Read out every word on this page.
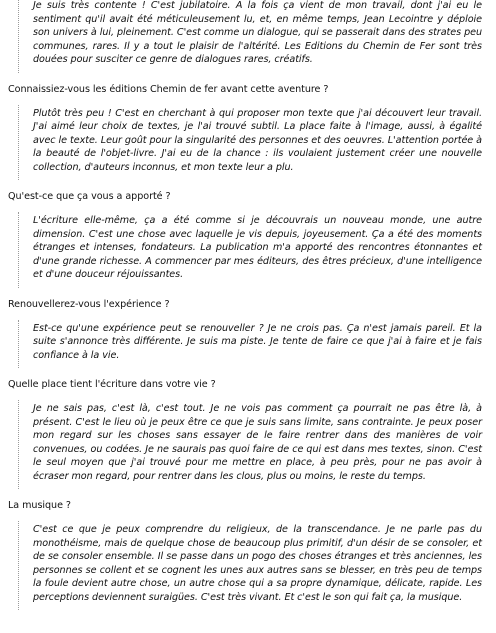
Je suis très contente ! C'est jubilatoire. A la fois ça vient de mon travail, dont j'ai eu le sentiment qu'il avait été méticuleusement lu, et, en même temps, Jean Lecointre y déploie son univers à lui, pleinement. C'est comme un dialogue, qui se passerait dans des strates peu communes, rares. Il y a tout le plaisir de l'altérité. Les Editions du Chemin de Fer sont très douées pour susciter ce genre de dialogues rares, créatifs.

Connaissiez-vous les éditions Chemin de fer avant cette aventure ?

Plutôt très peu ! C'est en cherchant à qui proposer mon texte que j'ai découvert leur travail. J'ai aimé leur choix de textes, je l'ai trouvé subtil. La place faite à l'image, aussi, à égalité avec le texte. Leur goût pour la singularité des personnes et des oeuvres. L'attention portée à la beauté de l'objet-livre. J'ai eu de la chance : ils voulaient justement créer une nouvelle collection, d'auteurs inconnus, et mon texte leur a plu.

Qu'est-ce que ça vous a apporté ?

L'écriture elle-même, ça a été comme si je découvrais un nouveau monde, une autre dimension. C'est une chose avec laquelle je vis depuis, joyeusement. Ça a été des moments étranges et intenses, fondateurs. La publication m'a apporté des rencontres étonnantes et d'une grande richesse. A commencer par mes éditeurs, des êtres précieux, d'une intelligence et d'une douceur réjouissantes.

Renouvellerez-vous l'expérience ?

Est-ce qu'une expérience peut se renouveller ? Je ne crois pas. Ça n'est jamais pareil. Et la suite s'annonce très différente. Je suis ma piste. Je tente de faire ce que j'ai à faire et je fais confiance à la vie.

Quelle place tient l'écriture dans votre vie ?

Je ne sais pas, c'est là, c'est tout. Je ne vois pas comment ça pourrait ne pas être là, à présent. C'est le lieu où je peux être ce que je suis sans limite, sans contrainte. Je peux poser mon regard sur les choses sans essayer de le faire rentrer dans des manières de voir convenues, ou codées. Je ne saurais pas quoi faire de ce qui est dans mes textes, sinon. C'est le seul moyen que j'ai trouvé pour me mettre en place, à peu près, pour ne pas avoir à écraser mon regard, pour rentrer dans les clous, plus ou moins, le reste du temps.

La musique ?

C'est ce que je peux comprendre du religieux, de la transcendance. Je ne parle pas du monothéisme, mais de quelque chose de beaucoup plus primitif, d'un désir de se consoler, et de se consoler ensemble. Il se passe dans un pogo des choses étranges et très anciennes, les personnes se collent et se cognent les unes aux autres sans se blesser, en très peu de temps la foule devient autre chose, un autre chose qui a sa propre dynamique, délicate, rapide. Les perceptions deviennent suraigües. C'est très vivant. Et c'est le son qui fait ça, la musique.
